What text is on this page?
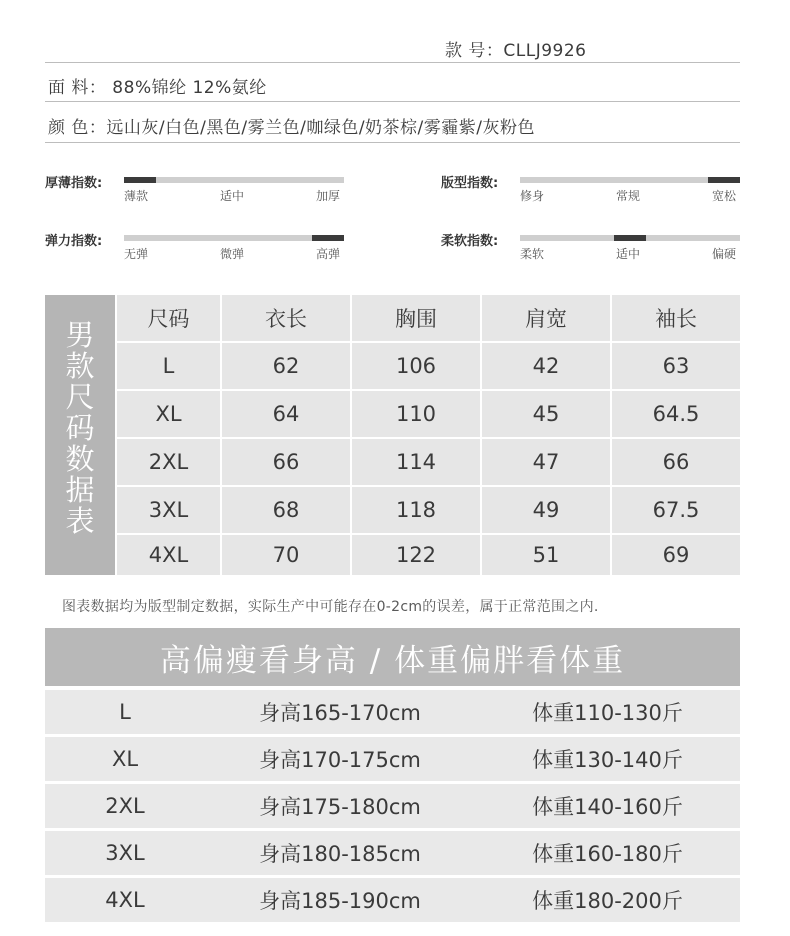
款 号：CLLJ9926
面 料： 88%锦纶 12%氨纶
颜 色：远山灰/白色/黑色/雾兰色/咖绿色/奶茶棕/雾霾紫/灰粉色
厚薄指数:
薄款	适中	加厚
版型指数:
修身	常规	宽松
弹力指数:
无弹	微弹	高弹
柔软指数:
柔软	适中	偏硬
男
款
尺
码
数
据
表
尺码	衣长	胸围	肩宽	袖长
L	62	106	42	63
XL	64	110	45	64.5
2XL	66	114	47	66
3XL	68	118	49	67.5
4XL	70	122	51	69
图表数据均为版型制定数据，实际生产中可能存在0-2cm的误差，属于正常范围之内.
高偏瘦看身高 / 体重偏胖看体重
L	身高165-170cm	体重110-130斤
XL	身高170-175cm	体重130-140斤
2XL	身高175-180cm	体重140-160斤
3XL	身高180-185cm	体重160-180斤
4XL	身高185-190cm	体重180-200斤
